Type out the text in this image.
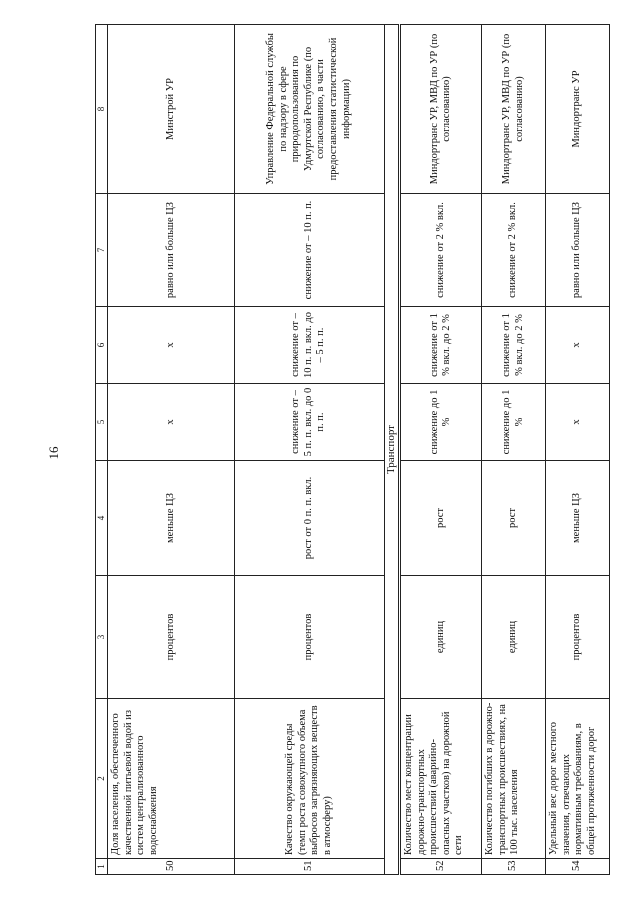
16
1	2	3	4	5	6	7	8
50	Доля населения, обеспеченного качественной питьевой водой из систем централизованного водоснабжения	процентов	меньше ЦЗ	х	х	равно или больше ЦЗ	Минстрой УР
51	Качество окружающей среды (темп роста совокупного объема выбросов загрязняющих веществ в атмосферу)	процентов	рост от 0 п. п. вкл.	снижение от – 5 п. п. вкл. до 0 п. п.	снижение от – 10 п. п. вкл. до – 5 п. п.	снижение от – 10 п. п.	Управление Федеральной службы по надзору в сфере природопользования по Удмуртской Республике (по согласованию, в части предоставления статистической информации)
Транспорт							
52	Количество мест концентрации дорожно-транспортных происшествий (аварийно-опасных участков) на дорожной сети	единиц	рост	снижение до 1 %	снижение от 1 % вкл. до 2 %	снижение от 2 % вкл.	Миндортранс УР, МВД по УР (по согласованию)
53	Количество погибших в дорожно-транспортных происшествиях, на 100 тыс. населения	единиц	рост	снижение до 1 %	снижение от 1 % вкл. до 2 %	снижение от 2 % вкл.	Миндортранс УР, МВД по УР (по согласованию)
54	Удельный вес дорог местного значения, отвечающих нормативным требованиям, в общей протяженности дорог	процентов	меньше ЦЗ	х	х	равно или больше ЦЗ	Миндортранс УР
